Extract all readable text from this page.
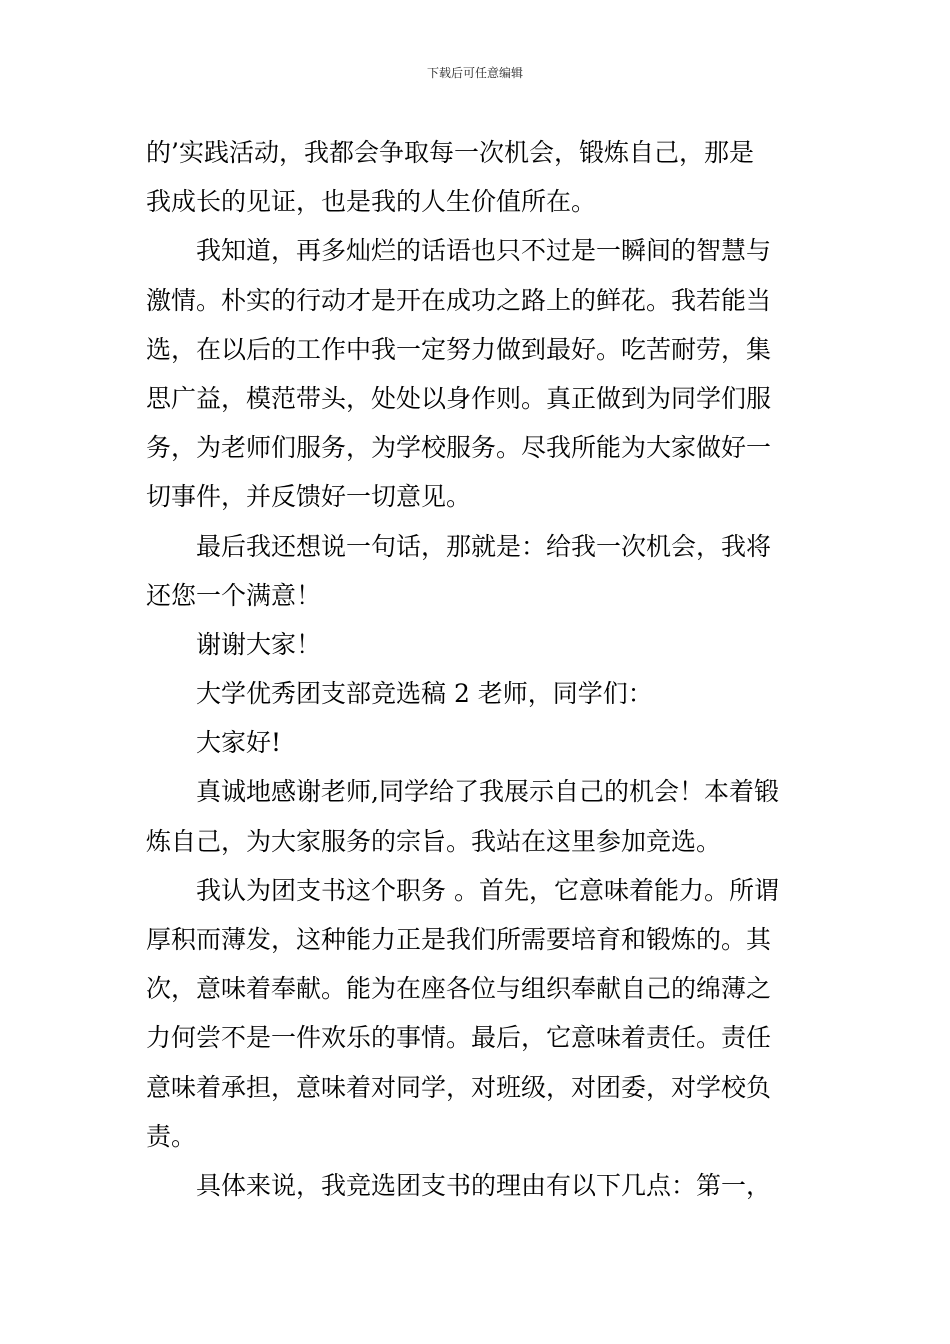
下载后可任意编辑
的’实践活动，我都会争取每一次机会，锻炼自己，那是
我成长的见证，也是我的人生价值所在。
我知道，再多灿烂的话语也只不过是一瞬间的智慧与
激情。朴实的行动才是开在成功之路上的鲜花。我若能当
选，在以后的工作中我一定努力做到最好。吃苦耐劳，集
思广益，模范带头，处处以身作则。真正做到为同学们服
务，为老师们服务，为学校服务。尽我所能为大家做好一
切事件，并反馈好一切意见。
最后我还想说一句话，那就是：给我一次机会，我将
还您一个满意！
谢谢大家！
大学优秀团支部竞选稿 2 老师，同学们：
大家好!
真诚地感谢老师,同学给了我展示自己的机会！本着锻
炼自己，为大家服务的宗旨。我站在这里参加竞选。
我认为团支书这个职务 。首先，它意味着能力。所谓
厚积而薄发，这种能力正是我们所需要培育和锻炼的。其
次，意味着奉献。能为在座各位与组织奉献自己的绵薄之
力何尝不是一件欢乐的事情。最后，它意味着责任。责任
意味着承担，意味着对同学，对班级，对团委，对学校负
责。
具体来说，我竞选团支书的理由有以下几点：第一，
